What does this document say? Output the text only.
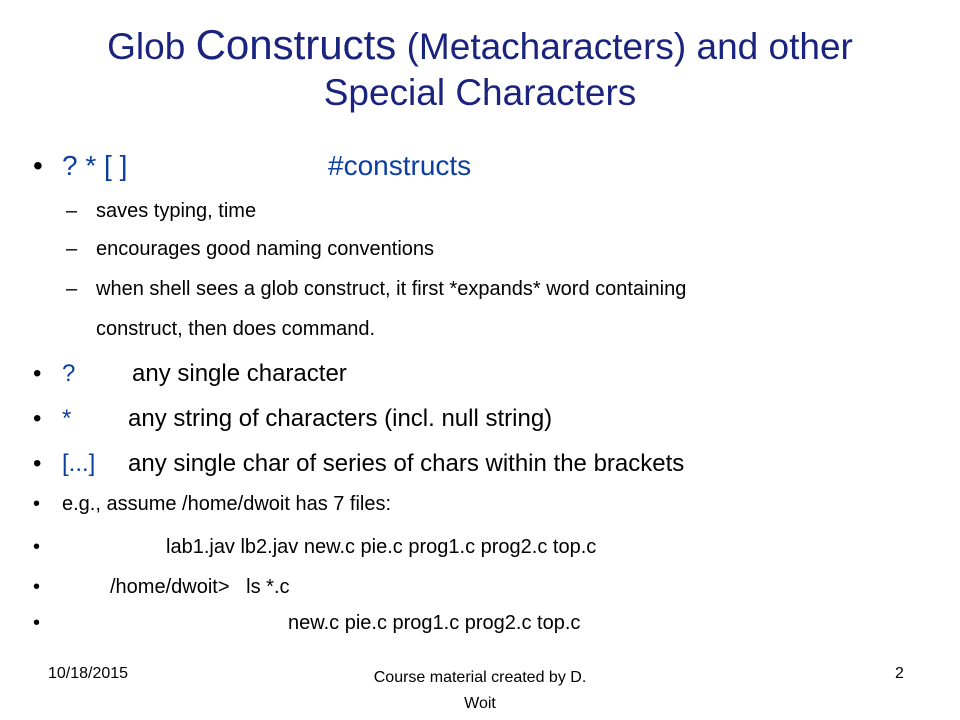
Glob Constructs (Metacharacters) and other
Special Characters
• ? * [ ]	#constructs
– saves typing, time
– encourages good naming conventions
– when shell sees a glob construct, it first *expands* word containing
construct, then does command.
• ? any single character
• * any string of characters (incl. null string)
• [...] any single char of series of chars within the brackets
• e.g., assume /home/dwoit has 7 files:
•	lab1.jav lb2.jav new.c pie.c prog1.c prog2.c top.c
•	/home/dwoit>   ls *.c
•	new.c pie.c prog1.c prog2.c top.c
10/18/2015	Course material created by D.
Woit
2
